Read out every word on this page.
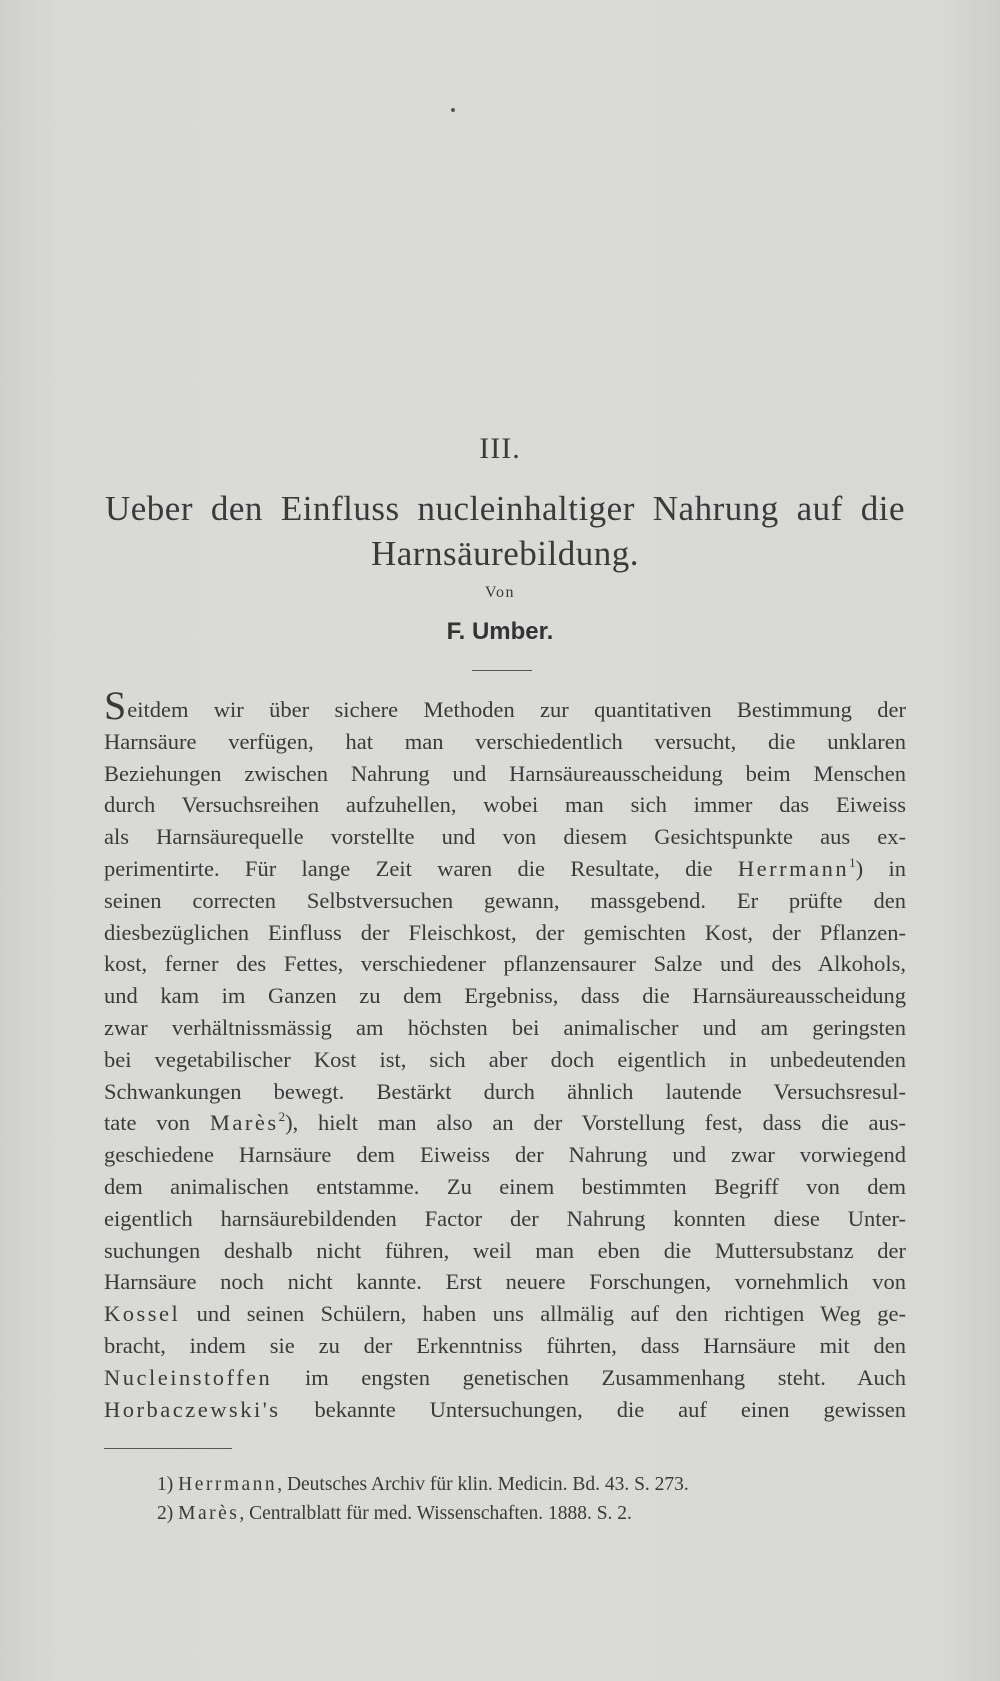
III.
Ueber den Einfluss nucleinhaltiger Nahrung auf die
Harnsäurebildung.
Von
F. Umber.
Seitdem wir über sichere Methoden zur quantitativen Bestimmung der
Harnsäure verfügen, hat man verschiedentlich versucht, die unklaren
Beziehungen zwischen Nahrung und Harnsäureausscheidung beim Menschen
durch Versuchsreihen aufzuhellen, wobei man sich immer das Eiweiss
als Harnsäurequelle vorstellte und von diesem Gesichtspunkte aus ex-
perimentirte. Für lange Zeit waren die Resultate, die Herrmann$^1$) in
seinen correcten Selbstversuchen gewann, massgebend. Er prüfte den
diesbezüglichen Einfluss der Fleischkost, der gemischten Kost, der Pflanzen-
kost, ferner des Fettes, verschiedener pflanzensaurer Salze und des Alkohols,
und kam im Ganzen zu dem Ergebniss, dass die Harnsäureausscheidung
zwar verhältnissmässig am höchsten bei animalischer und am geringsten
bei vegetabilischer Kost ist, sich aber doch eigentlich in unbedeutenden
Schwankungen bewegt. Bestärkt durch ähnlich lautende Versuchsresul-
tate von Marès$^2$), hielt man also an der Vorstellung fest, dass die aus-
geschiedene Harnsäure dem Eiweiss der Nahrung und zwar vorwiegend
dem animalischen entstamme. Zu einem bestimmten Begriff von dem
eigentlich harnsäurebildenden Factor der Nahrung konnten diese Unter-
suchungen deshalb nicht führen, weil man eben die Muttersubstanz der
Harnsäure noch nicht kannte. Erst neuere Forschungen, vornehmlich von
Kossel und seinen Schülern, haben uns allmälig auf den richtigen Weg ge-
bracht, indem sie zu der Erkenntniss führten, dass Harnsäure mit den
Nucleinstoffen im engsten genetischen Zusammenhang steht. Auch
Horbaczewski's bekannte Untersuchungen, die auf einen gewissen
1) Herrmann, Deutsches Archiv für klin. Medicin. Bd. 43. S. 273.
2) Marès, Centralblatt für med. Wissenschaften. 1888. S. 2.
